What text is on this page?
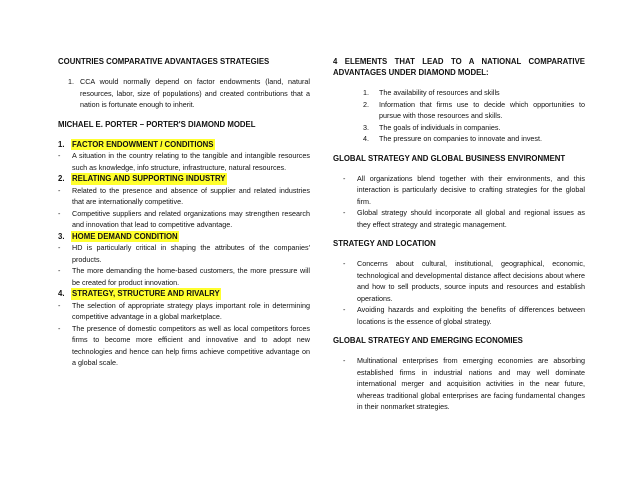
COUNTRIES COMPARATIVE ADVANTAGES STRATEGIES
1. CCA would normally depend on factor endowments (land, natural resources, labor, size of populations) and created contributions that a nation is fortunate enough to inherit.
MICHAEL E. PORTER – PORTER'S DIAMOND MODEL
1. FACTOR ENDOWMENT / CONDITIONS
-	A situation in the country relating to the tangible and intangible resources such as knowledge, info structure, infrastructure, natural resources.
2. RELATING AND SUPPORTING INDUSTRY
-	Related to the presence and absence of supplier and related industries that are internationally competitive.
-	Competitive suppliers and related organizations may strengthen research and innovation that lead to competitive advantage.
3. HOME DEMAND CONDITION
-	HD is particularly critical in shaping the attributes of the companies' products.
-	The more demanding the home-based customers, the more pressure will be created for product innovation.
4. STRATEGY, STRUCTURE AND RIVALRY
-	The selection of appropriate strategy plays important role in determining competitive advantage in a global marketplace.
-	The presence of domestic competitors as well as local competitors forces firms to become more efficient and innovative and to adopt new technologies and hence can help firms achieve competitive advantage on a global scale.
4 ELEMENTS THAT LEAD TO A NATIONAL COMPARATIVE ADVANTAGES UNDER DIAMOND MODEL:
1.	The availability of resources and skills
2.	Information that firms use to decide which opportunities to pursue with those resources and skills.
3.	The goals of individuals in companies.
4.	The pressure on companies to innovate and invest.
GLOBAL STRATEGY AND GLOBAL BUSINESS ENVIRONMENT
-	All organizations blend together with their environments, and this interaction is particularly decisive to crafting strategies for the global firm.
-	Global strategy should incorporate all global and regional issues as they effect strategy and strategic management.
STRATEGY AND LOCATION
-	Concerns about cultural, institutional, geographical, economic, technological and developmental distance affect decisions about where and how to sell products, source inputs and resources and establish operations.
-	Avoiding hazards and exploiting the benefits of differences between locations is the essence of global strategy.
GLOBAL STRATEGY AND EMERGING ECONOMIES
-	Multinational enterprises from emerging economies are absorbing established firms in industrial nations and may well dominate international merger and acquisition activities in the near future, whereas traditional global enterprises are facing fundamental changes in their nonmarket strategies.
